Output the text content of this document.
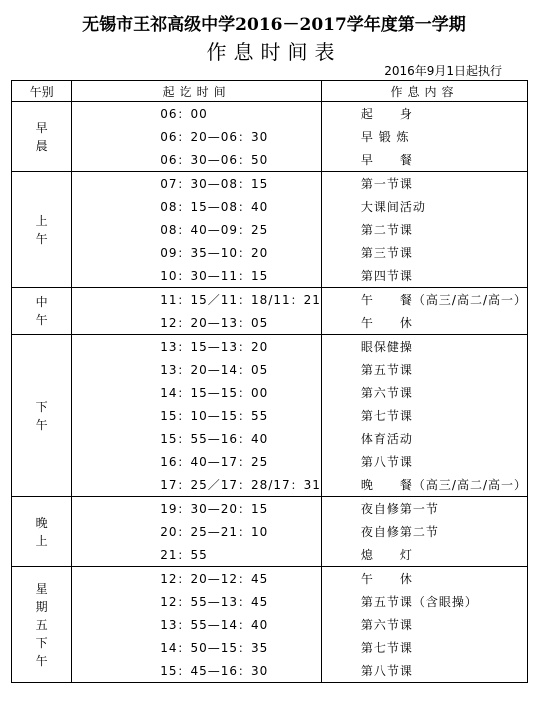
无锡市王祁高级中学2016－2017学年度第一学期
作息时间表
2016年9月1日起执行
午别	起讫时间	作息内容

早
晨	06：00	起　　身
	06：20—06：30	早 锻 炼
	06：30—06：50	早　　餐

上
午	07：30—08：15	第一节课
	08：15—08：40	大课间活动
	08：40—09：25	第二节课
	09：35—10：20	第三节课
	10：30—11：15	第四节课

中
午	11：15／11：18/11：21	午　　餐（高三/高二/高一）
	12：20—13：05	午　　休

下
午	13：15—13：20	眼保健操
	13：20—14：05	第五节课
	14：15—15：00	第六节课
	15：10—15：55	第七节课
	15：55—16：40	体育活动
	16：40—17：25	第八节课
	17：25／17：28/17：31	晚　　餐（高三/高二/高一）

晚
上	19：30—20：15	夜自修第一节
	20：25—21：10	夜自修第二节
	21：55	熄　　灯

星
期
五
下
午	12：20—12：45	午　　休
	12：55—13：45	第五节课（含眼操）
	13：55—14：40	第六节课
	14：50—15：35	第七节课
	15：45—16：30	第八节课
